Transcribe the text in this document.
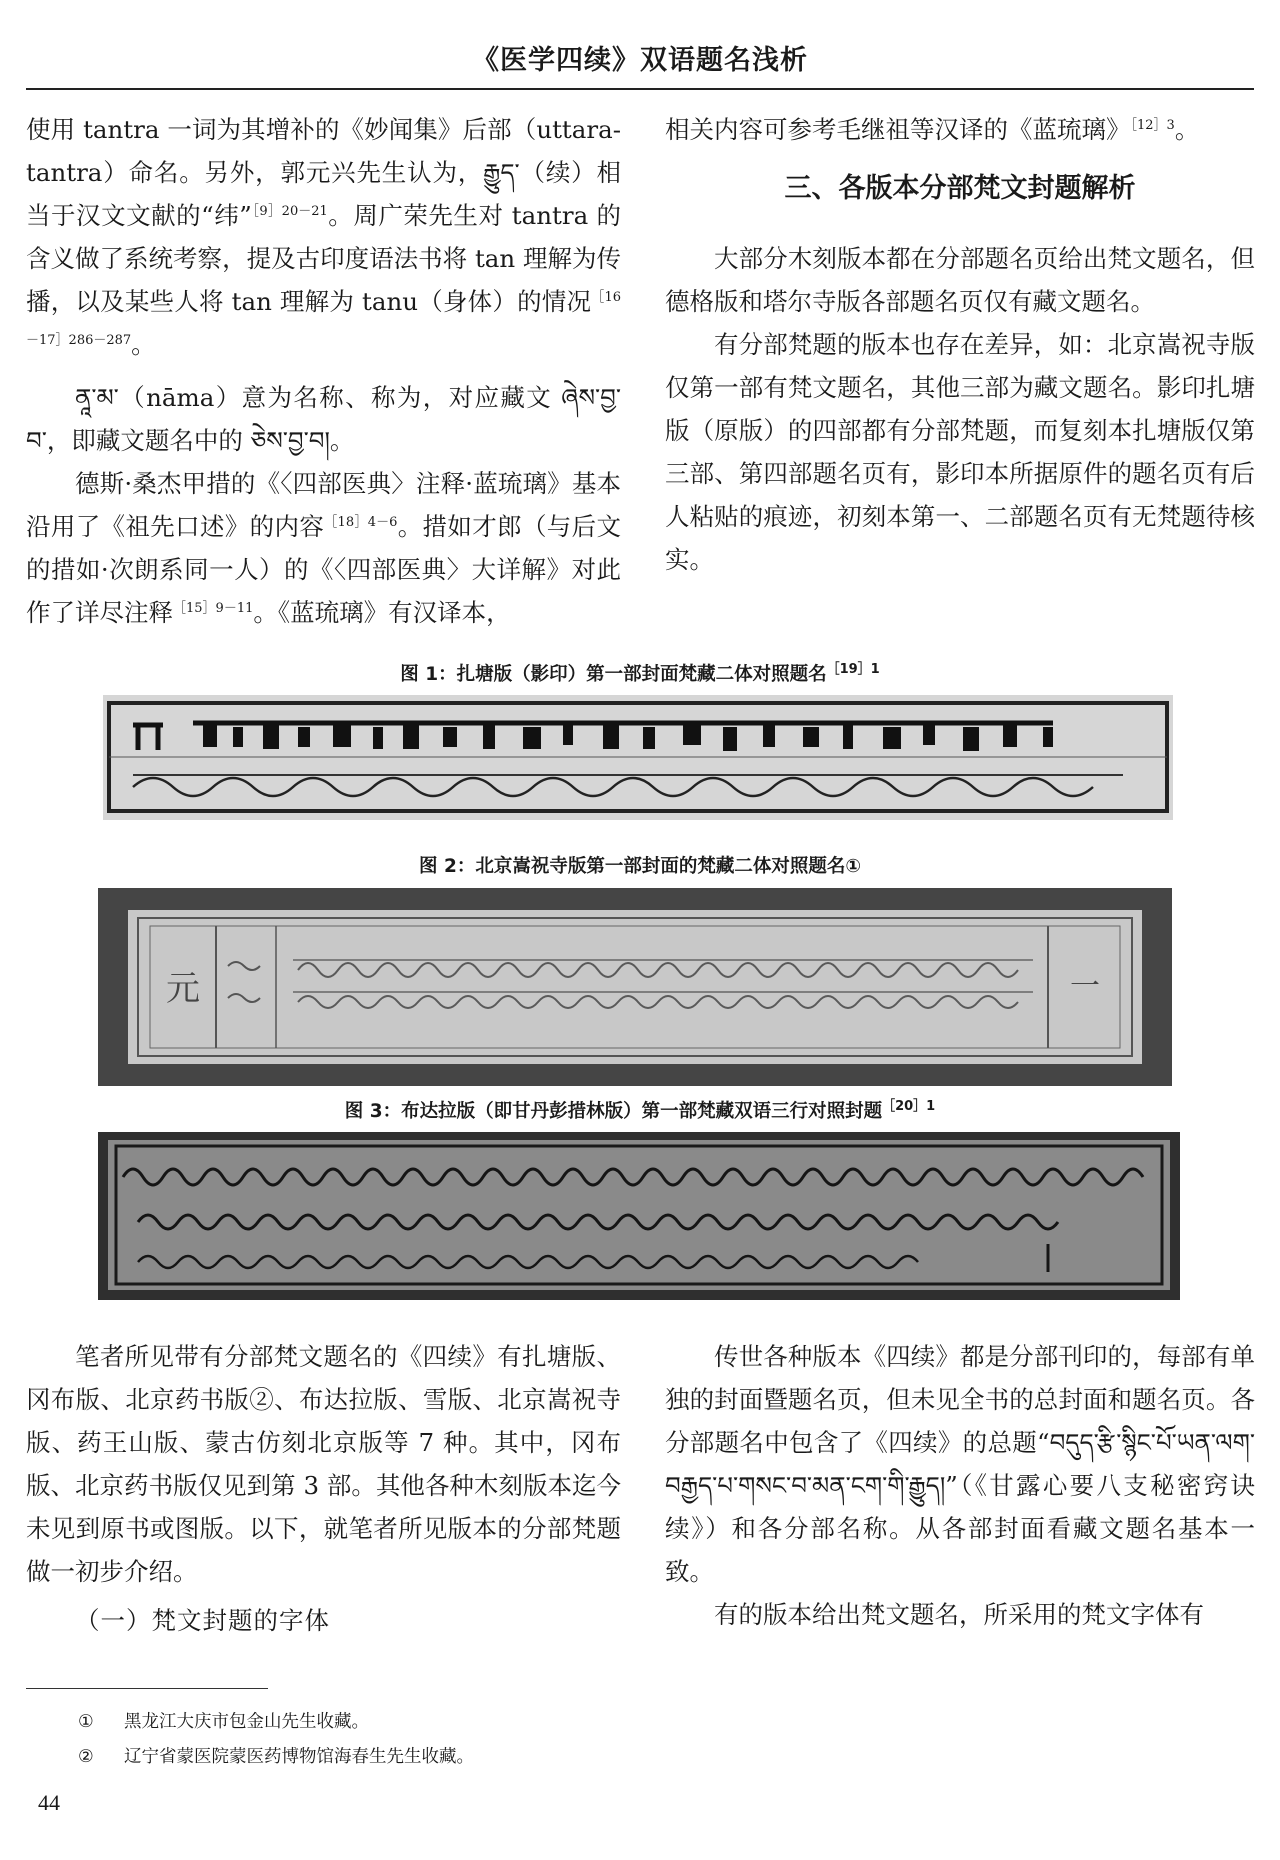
《医学四续》双语题名浅析

使用 tantra 一词为其增补的《妙闻集》后部（uttara-tantra）命名。另外，郭元兴先生认为，རྒྱུད་（续）相当于汉文文献的“纬”$^{[9]20-21}$。周广荣先生对 tantra 的含义做了系统考察，提及古印度语法书将 tan 理解为传播，以及某些人将 tan 理解为 tanu（身体）的情况$^{[16-17]286-287}$。

ནཱ་མ་（nāma）意为名称、称为，对应藏文 ཞེས་བྱ་བ་，即藏文题名中的 ཅེས་བྱ་བ།。

德斯·桑杰甲措的《〈四部医典〉注释·蓝琉璃》基本沿用了《祖先口述》的内容$^{[18]4-6}$。措如才郎（与后文的措如·次朗系同一人）的《〈四部医典〉大详解》对此作了详尽注释$^{[15]9-11}$。《蓝琉璃》有汉译本，

相关内容可参考毛继祖等汉译的《蓝琉璃》$^{[12]3}$。

三、各版本分部梵文封题解析

大部分木刻版本都在分部题名页给出梵文题名，但德格版和塔尔寺版各部题名页仅有藏文题名。

有分部梵题的版本也存在差异，如：北京嵩祝寺版仅第一部有梵文题名，其他三部为藏文题名。影印扎塘版（原版）的四部都有分部梵题，而复刻本扎塘版仅第三部、第四部题名页有，影印本所据原件的题名页有后人粘贴的痕迹，初刻本第一、二部题名页有无梵题待核实。

图 1：扎塘版（影印）第一部封面梵藏二体对照题名$^{[19]1}$
图 2：北京嵩祝寺版第一部封面的梵藏二体对照题名①
元	一
图 3：布达拉版（即甘丹彭措林版）第一部梵藏双语三行对照封题$^{[20]1}$

笔者所见带有分部梵文题名的《四续》有扎塘版、冈布版、北京药书版②、布达拉版、雪版、北京嵩祝寺版、药王山版、蒙古仿刻北京版等 7 种。其中，冈布版、北京药书版仅见到第 3 部。其他各种木刻版本迄今未见到原书或图版。以下，就笔者所见版本的分部梵题做一初步介绍。

（一）梵文封题的字体

传世各种版本《四续》都是分部刊印的，每部有单独的封面暨题名页，但未见全书的总封面和题名页。各分部题名中包含了《四续》的总题“བདུད་རྩི་སྙིང་པོ་ཡན་ལག་བརྒྱད་པ་གསང་བ་མན་ངག་གི་རྒྱུད།”（《甘露心要八支秘密窍诀续》）和各分部名称。从各部封面看藏文题名基本一致。

有的版本给出梵文题名，所采用的梵文字体有

① 黑龙江大庆市包金山先生收藏。
② 辽宁省蒙医院蒙医药博物馆海春生先生收藏。
44
